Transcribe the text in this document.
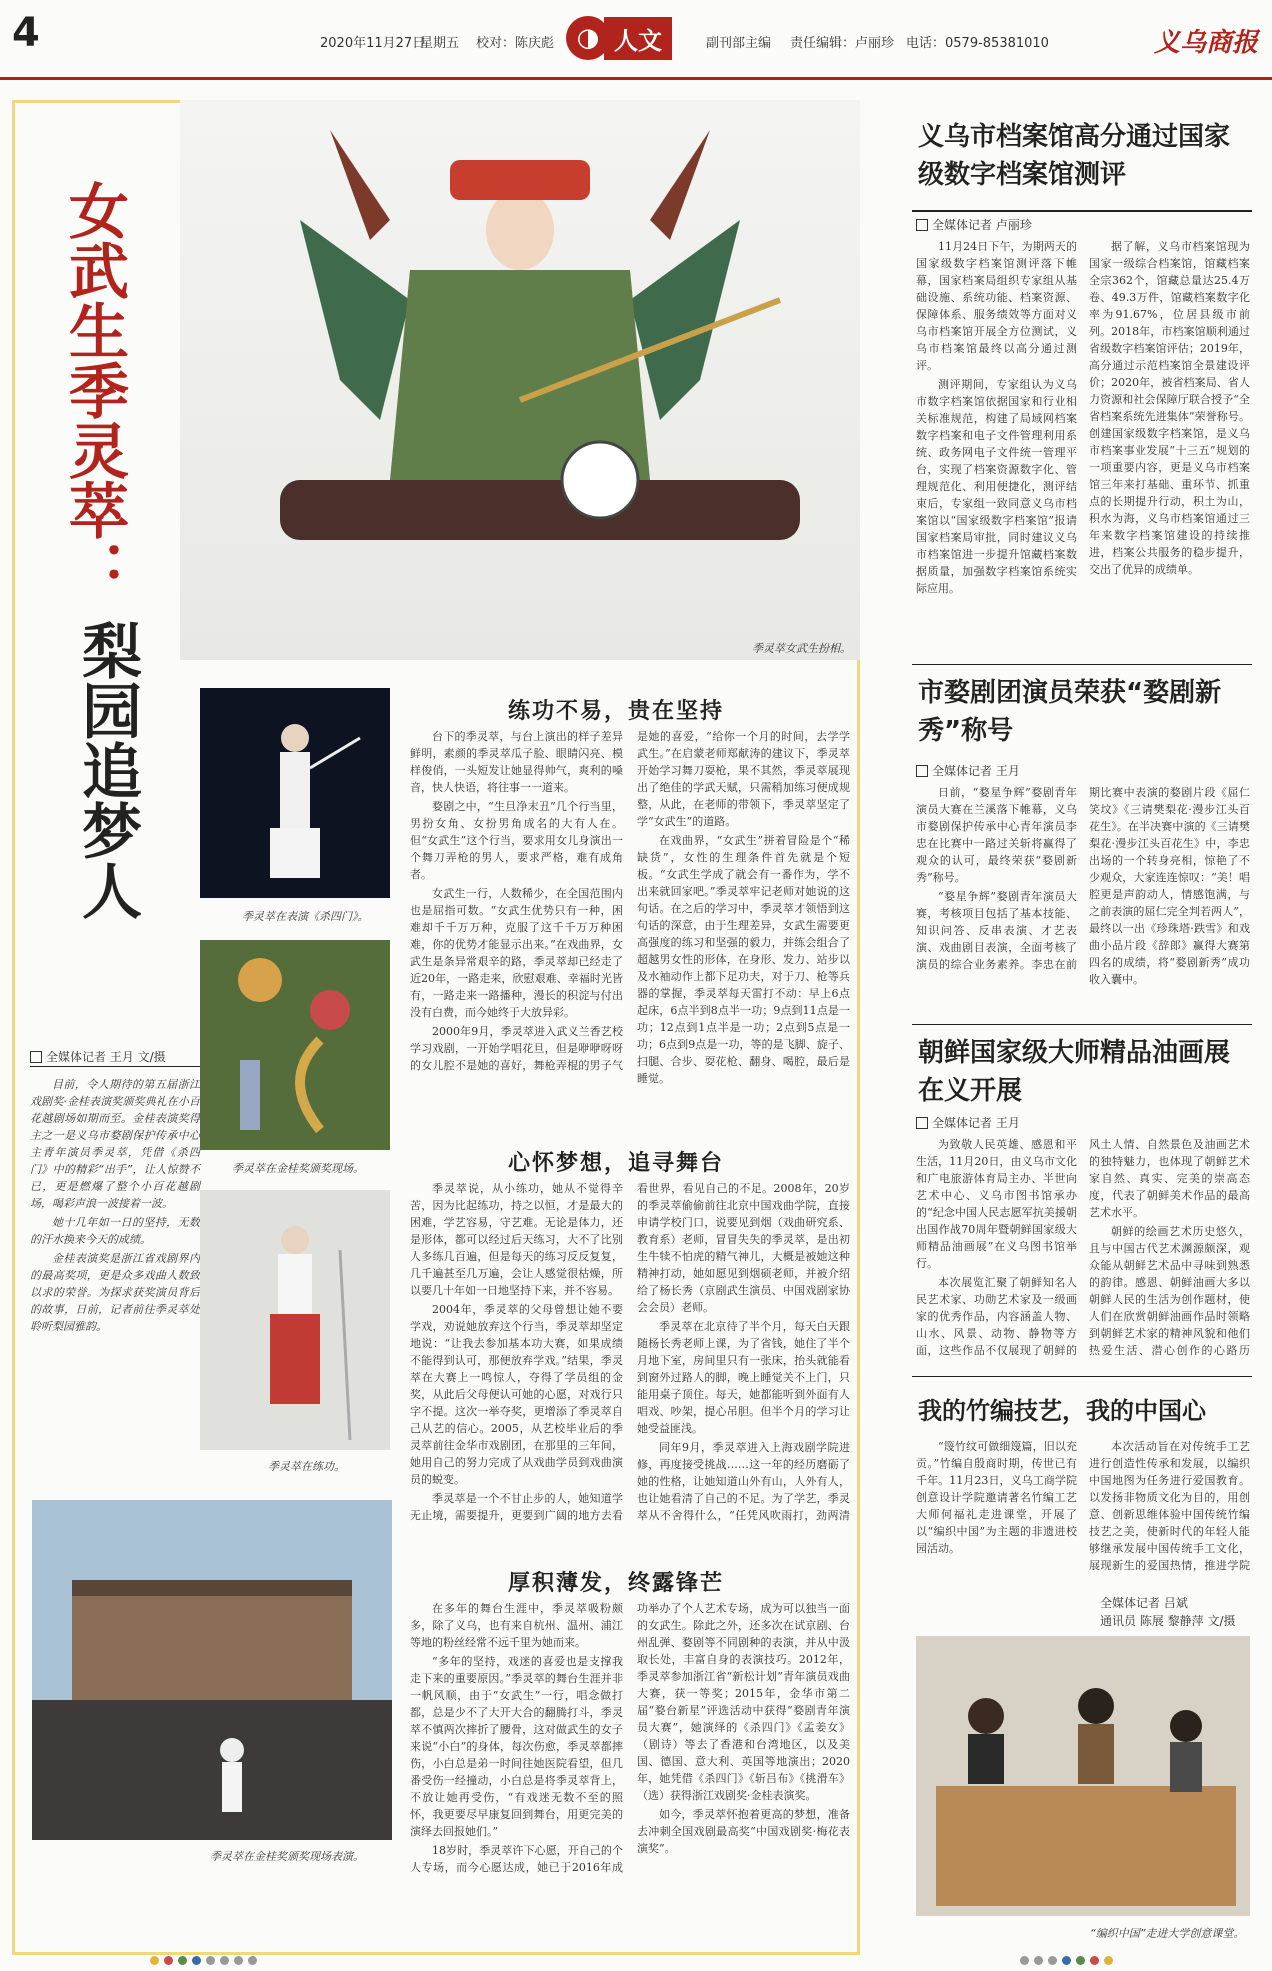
4	2020年11月27日
星期五 校对：陈庆彪 ◑ 人文	副刊部主编 责任编辑：卢丽珍 电话：0579-85381010	义乌商报
女武生季灵萃：
梨园追梦人	季灵萃女武生扮相。
全媒体记者 王月 文/摄

目前，令人期待的第五届浙江戏剧奖·金桂表演奖颁奖典礼在小百花越剧场如期而至。金桂表演奖得主之一是义乌市婺剧保护传承中心主青年演员季灵萃，凭借《杀四门》中的精彩“出手”，让人惊赞不已，更是燃爆了整个小百花越剧场，喝彩声浪一波接着一波。

她十几年如一日的坚持，无数的汗水换来今天的成绩。

金桂表演奖是浙江省戏剧界内的最高奖项，更是众多戏曲人数致以求的荣誉。为探求获奖演员背后的故事，日前，记者前往季灵萃处聆听梨园雅韵。

季灵萃在表演《杀四门》。
季灵萃在金桂奖颁奖现场。
季灵萃在练功。
季灵萃在金桂奖颁奖现场表演。
练功不易，贵在坚持

台下的季灵萃，与台上演出的样子差异鲜明，素颜的季灵萃瓜子脸、眼睛闪亮、模样俊俏，一头短发让她显得帅气，爽利的嗓音，快人快语，将往事一一道来。

婺剧之中，“生旦净末丑”几个行当里，男扮女角、女扮男角成名的大有人在。但“女武生”这个行当，要求用女儿身演出一个舞刀弄枪的男人，要求严格，难有成角者。

女武生一行，人数稀少，在全国范围内也是屈指可数。“女武生优势只有一种，困难却千千万万种，克服了这千千万万种困难，你的优势才能显示出来。”在戏曲界，女武生是条异常艰辛的路，季灵萃却已经走了近20年，一路走来，欣慰艰难、幸福时光皆有，一路走来一路播种，漫长的积淀与付出没有白费，而今她终于大放异彩。

2000年9月，季灵萃进入武义兰香艺校学习戏剧，一开始学唱花旦，但是咿咿呀呀的女儿腔不是她的喜好，舞枪弄棍的男子气是她的喜爱，“给你一个月的时间，去学学武生。”在启蒙老师郑献涛的建议下，季灵萃开始学习舞刀耍枪，果不其然，季灵萃展现出了绝佳的学武天赋，只需稍加练习便成规整，从此，在老师的带领下，季灵萃坚定了学“女武生”的道路。

在戏曲界，“女武生”拼着冒险是个“稀缺货”，女性的生理条件首先就是个短板。“女武生学成了就会有一番作为，学不出来就回家吧。”季灵萃牢记老师对她说的这句话。在之后的学习中，季灵萃才领悟到这句话的深意，由于生理差异，女武生需要更高强度的练习和坚强的毅力，并练会组合了超越男女性的形体，在身形、发力、站步以及水袖动作上都下足功夫，对于刀、枪等兵器的掌握，季灵萃每天雷打不动：早上6点起床，6点半到8点半一功；9点到11点是一功；12点到1点半是一功；2点到5点是一功；6点到9点是一功，等的是飞脚、旋子、扫腿、合步、耍花枪、翻身、喝腔，最后是睡觉。

心怀梦想，追寻舞台

季灵萃说，从小练功，她从不觉得辛苦，因为比起练功，持之以恒，才是最大的困难，学艺容易，守艺难。无论是体力，还是形体，都可以经过后天练习，大不了比别人多练几百遍，但是每天的练习反反复复，几千遍甚至几万遍，会让人感觉很枯燥，所以要几十年如一日地坚持下来，并不容易。

2004年，季灵萃的父母曾想让她不要学戏，劝说她放弃这个行当，季灵萃却坚定地说：“让我去参加基本功大赛，如果成绩不能得到认可，那便放弃学戏。”结果，季灵萃在大赛上一鸣惊人，夺得了学员组的金奖，从此后父母便认可她的心愿，对戏行只字不提。这次一举夺奖，更增添了季灵萃自己从艺的信心。2005，从艺校毕业后的季灵萃前往金华市戏剧团，在那里的三年间，她用自己的努力完成了从戏曲学员到戏曲演员的蜕变。

季灵萃是一个不甘止步的人，她知道学无止境，需要提升，更要到广阔的地方去看看世界，看见自己的不足。2008年，20岁的季灵萃偷偷前往北京中国戏曲学院，直接申请学校门口，说要见到烟（戏曲研究系、教育系）老师，冒冒失失的季灵萃，是出初生牛犊不怕虎的精气神儿，大概是被她这种精神打动，她如愿见到烟硕老师，并被介绍给了杨长秀（京剧武生演员、中国戏剧家协会会员）老师。

季灵萃在北京待了半个月，每天白天跟随杨长秀老师上课，为了省钱，她住了半个月地下室，房间里只有一张床，抬头就能看到窗外过路人的脚，晚上睡觉关不上门，只能用桌子顶住。每天，她都能听到外面有人唱戏、吵架，提心吊胆。但半个月的学习让她受益匪浅。

同年9月，季灵萃进入上海戏剧学院进修，再度接受挑战……这一年的经历磨砺了她的性格，让她知道山外有山，人外有人，也让她看清了自己的不足。为了学艺，季灵萃从不舍得什么，“任凭风吹雨打，劲两清

厚积薄发，终露锋芒

在多年的舞台生涯中，季灵萃吸粉颇多，除了义乌，也有来自杭州、温州、浦江等地的粉丝经常不远千里为她而来。

“多年的坚持，戏迷的喜爱也是支撑我走下来的重要原因。”季灵萃的舞台生涯并非一帆风顺，由于“女武生”一行，唱念做打都，总是少不了大开大合的翻腾打斗，季灵萃不慎两次摔折了腰骨，这对做武生的女子来说“小白”的身体，每次伤愈，季灵萃都摔伤，小白总是弟一时间往她医院看望，但几番受伤一经撞动，小白总是将季灵萃背上，不放让她再受伤，“有戏迷无数不至的照怀，我更要尽早康复回到舞台，用更完美的演绎去回报她们。”

18岁时，季灵萃许下心愿，开自己的个人专场，而今心愿达成，她已于2016年成功举办了个人艺术专场，成为可以独当一面的女武生。除此之外，还多次在试京剧、台州乱弹、婺剧等不同剧种的表演，并从中汲取长处，丰富自身的表演技巧。2012年，季灵萃参加浙江省“新松计划”青年演员戏曲大赛，获一等奖；2015年，金华市第二届“婺台新星”评选活动中获得“婺剧青年演员大赛”，她演绎的《杀四门》《孟姜女》（剧诗）等去了香港和台湾地区，以及美国、德国、意大利、英国等地演出；2020年，她凭借《杀四门》《斩吕布》《挑滑车》（选）获得浙江戏剧奖·金桂表演奖。

如今，季灵萃怀抱着更高的梦想，准备去冲刺全国戏剧最高奖“中国戏剧奖·梅花表演奖”。

义乌市档案馆高分通过国家级数字档案馆测评
全媒体记者 卢丽珍

11月24日下午，为期两天的国家级数字档案馆测评落下帷幕，国家档案局组织专家组从基础设施、系统功能、档案资源、保障体系、服务绩效等方面对义乌市档案馆开展全方位测试，义乌市档案馆最终以高分通过测评。

测评期间，专家组认为义乌市数字档案馆依据国家和行业相关标准规范，构建了局域网档案数字档案和电子文件管理利用系统、政务网电子文件统一管理平台，实现了档案资源数字化、管理规范化、利用便捷化，测评结束后，专家组一致同意义乌市档案馆以“国家级数字档案馆”报请国家档案局审批，同时建议义乌市档案馆进一步提升馆藏档案数据质量，加强数字档案馆系统实际应用。

据了解，义乌市档案馆现为国家一级综合档案馆，馆藏档案全宗362个，馆藏总量达25.4万卷、49.3万件，馆藏档案数字化率为91.67%，位居县级市前列。2018年，市档案馆顺利通过省级数字档案馆评估；2019年，高分通过示范档案馆全景建设评价；2020年，被省档案局、省人力资源和社会保障厅联合授予“全省档案系统先进集体”荣誉称号。创建国家级数字档案馆，是义乌市档案事业发展“十三五”规划的一项重要内容，更是义乌市档案馆三年来打基础、重环节、抓重点的长期提升行动，积土为山，积水为海，义乌市档案馆通过三年来数字档案馆建设的持续推进，档案公共服务的稳步提升，交出了优异的成绩单。

市婺剧团演员荣获“婺剧新秀”称号
全媒体记者 王月

日前，“婺星争辉”婺剧青年演员大赛在兰溪落下帷幕，义乌市婺剧保护传承中心青年演员李忠在比赛中一路过关斩将赢得了观众的认可，最终荣获“婺剧新秀”称号。

“婺星争辉”婺剧青年演员大赛，考核项目包括了基本技能、知识问答、反串表演、才艺表演、戏曲剧目表演，全面考核了演员的综合业务素养。李忠在前期比赛中表演的婺剧片段《屈仁笑坟》《三请樊梨花·漫步江头百花生》。在半决赛中演的《三请樊梨花·漫步江头百花生》中，李忠出场的一个转身亮相，惊艳了不少观众，大家连连惊叹：“美！唱腔更是声韵动人，情感饱满，与之前表演的屈仁完全判若两人”，最终以一出《珍珠塔·跌雪》和戏曲小品片段《辞郎》赢得大赛第四名的成绩，将“婺剧新秀”成功收入囊中。

朝鲜国家级大师精品油画展在义开展
全媒体记者 王月

为致敬人民英雄、感恩和平生活，11月20日，由义乌市文化和广电旅游体育局主办、半世向艺术中心、义乌市图书馆承办的“纪念中国人民志愿军抗美援朝出国作战70周年暨朝鲜国家级大师精品油画展”在义乌图书馆举行。

本次展览汇聚了朝鲜知名人民艺术家、功勋艺术家及一级画家的优秀作品，内容涵盖人物、山水、风景、动物、静物等方面，这些作品不仅展现了朝鲜的风土人情、自然景色及油画艺术的独特魅力，也体现了朝鲜艺术家自然、真实、完美的崇高态度，代表了朝鲜美术作品的最高艺术水平。

朝鲜的绘画艺术历史悠久，且与中国古代艺术渊源颇深，观众能从朝鲜艺术品中寻味到熟悉的韵律。感恩、朝鲜油画大多以朝鲜人民的生活为创作题材，使人们在欣赏朝鲜油画作品时领略到朝鲜艺术家的精神风貌和他们热爱生活、潜心创作的心路历

我的竹编技艺，我的中国心

“篾竹纹可做细篾篇，旧以充贡。”竹编自殷商时期，传世已有千年。11月23日，义乌工商学院创意设计学院邀请著名竹编工艺大师何福礼走进课堂，开展了以“编织中国”为主题的非遗进校园活动。

本次活动旨在对传统手工艺进行创造性传承和发展，以编织中国地图为任务进行爱国教育。以发扬非物质文化为目的，用创意、创新思维体验中国传统竹编技艺之美，使新时代的年轻人能够继承发展中国传统手工文化，展现新生的爱国热情，推进学院

全媒体记者 吕斌
通讯员 陈展 黎静萍 文/摄
“编织中国”走进大学创意课堂。
